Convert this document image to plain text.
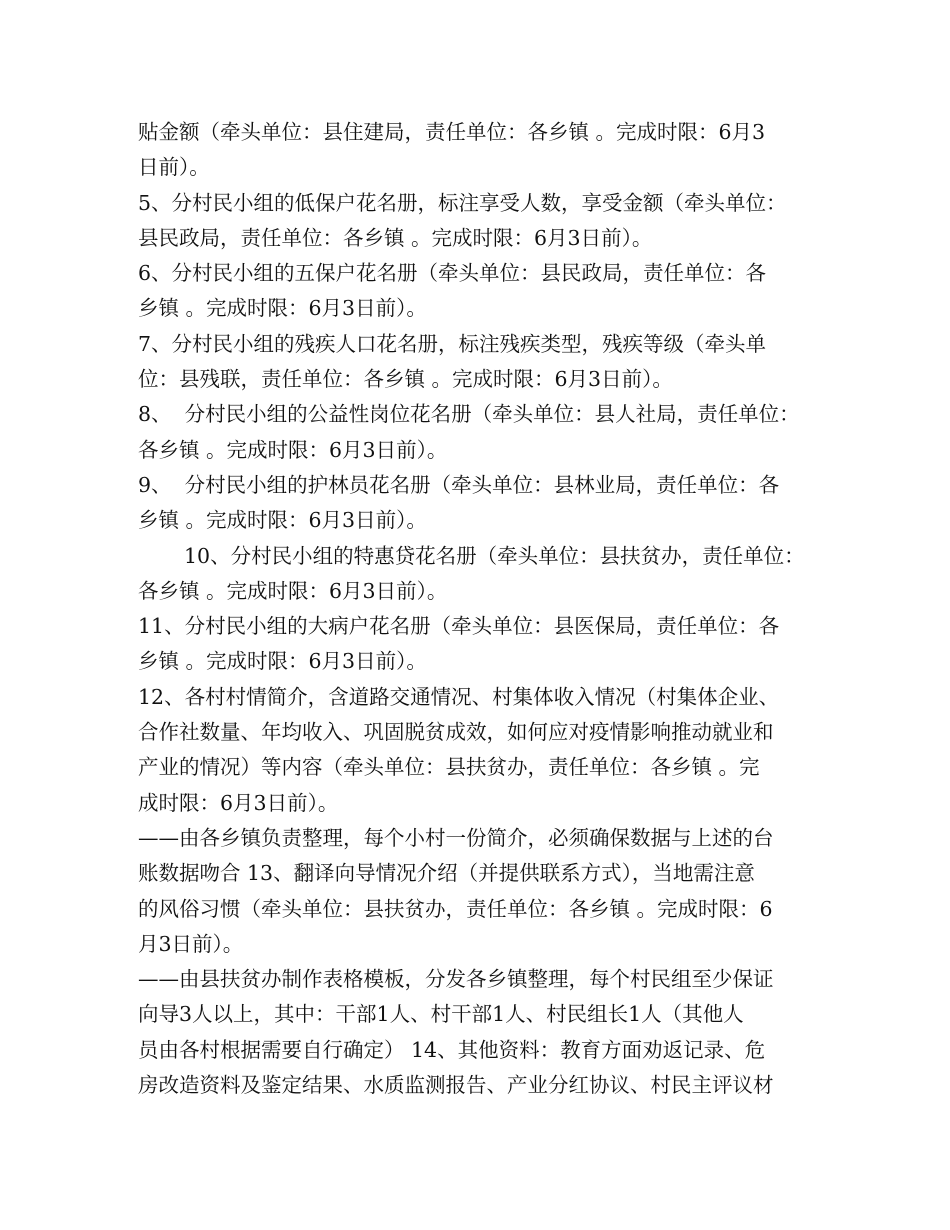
贴金额（牵头单位：县住建局，责任单位：各乡镇 。完成时限：6月3
日前）。
5、分村民小组的低保户花名册，标注享受人数，享受金额（牵头单位：
县民政局，责任单位：各乡镇 。完成时限：6月3日前）。
6、分村民小组的五保户花名册（牵头单位：县民政局，责任单位：各
乡镇 。完成时限：6月3日前）。
7、分村民小组的残疾人口花名册，标注残疾类型，残疾等级（牵头单
位：县残联，责任单位：各乡镇 。完成时限：6月3日前）。
8、  分村民小组的公益性岗位花名册（牵头单位：县人社局，责任单位：
各乡镇 。完成时限：6月3日前）。
9、  分村民小组的护林员花名册（牵头单位：县林业局，责任单位：各
乡镇 。完成时限：6月3日前）。
10、分村民小组的特惠贷花名册（牵头单位：县扶贫办，责任单位：
各乡镇 。完成时限：6月3日前）。
11、分村民小组的大病户花名册（牵头单位：县医保局，责任单位：各
乡镇 。完成时限：6月3日前）。
12、各村村情简介，含道路交通情况、村集体收入情况（村集体企业、
合作社数量、年均收入、巩固脱贫成效，如何应对疫情影响推动就业和
产业的情况）等内容（牵头单位：县扶贫办，责任单位：各乡镇 。完
成时限：6月3日前）。
——由各乡镇负责整理，每个小村一份简介，必须确保数据与上述的台
账数据吻合 13、翻译向导情况介绍（并提供联系方式），当地需注意
的风俗习惯（牵头单位：县扶贫办，责任单位：各乡镇 。完成时限：6
月3日前）。
——由县扶贫办制作表格模板，分发各乡镇整理，每个村民组至少保证
向导3人以上，其中：干部1人、村干部1人、村民组长1人（其他人
员由各村根据需要自行确定） 14、其他资料：教育方面劝返记录、危
房改造资料及鉴定结果、水质监测报告、产业分红协议、村民主评议材
